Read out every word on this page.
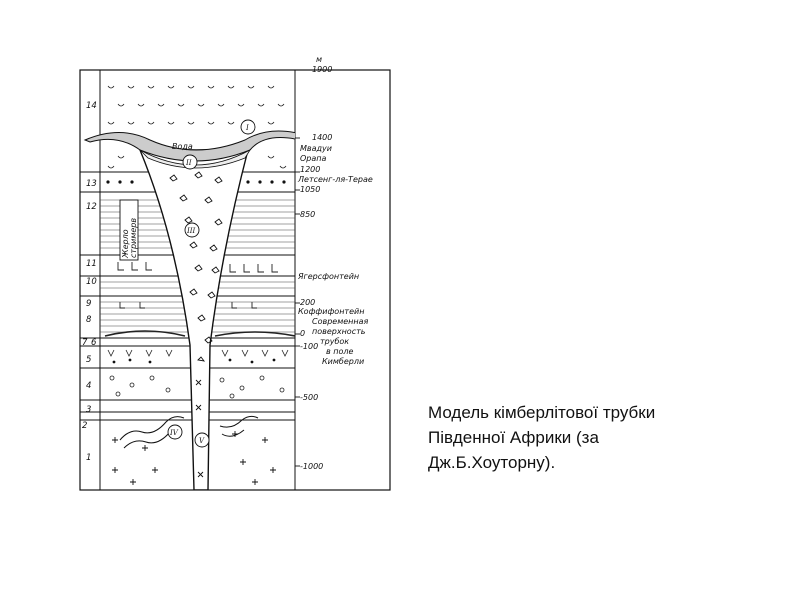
14
13
12
11
10
9
8
7 6
5
4
3
2
1
I
II
III
IV
V
Вода
Жерло стримерв
м
1900
1400
Мвадуи
Орапа
1200
Летсенг-ля-Терае
1050
850
Ягерсфонтейн
200
Коффифонтейн
Современная
0 поверхность
трубок
-100
в поле
Кимберли
-500
-1000
Модель кімберлітової трубки
Південної Африки (за
Дж.Б.Хоуторну).
